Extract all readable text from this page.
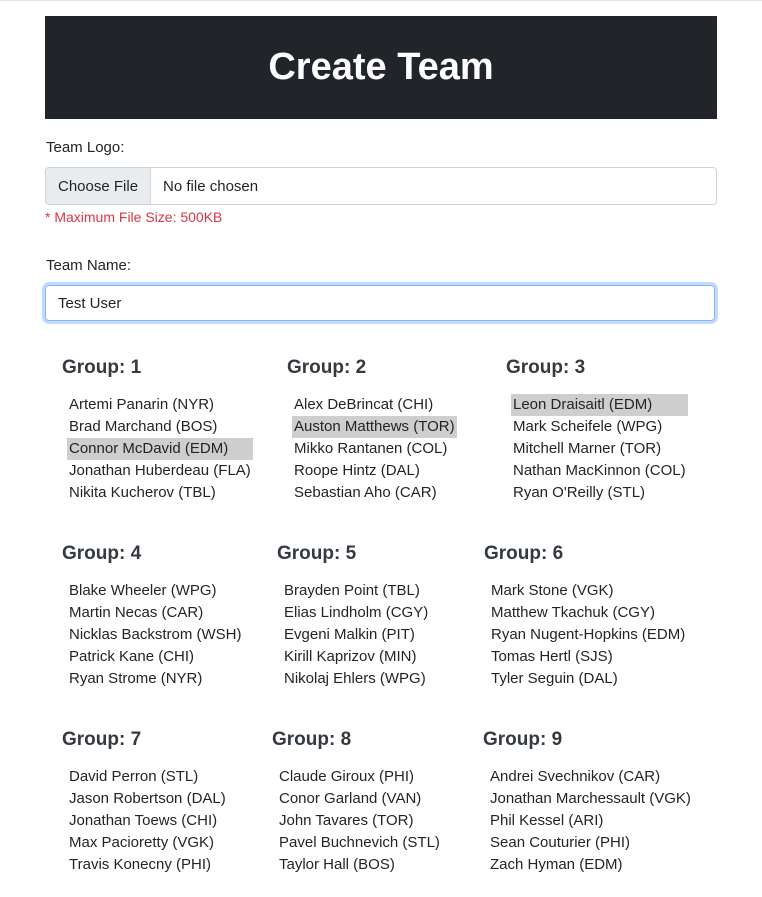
Create Team
Team Logo:
Choose File	No file chosen
* Maximum File Size: 500KB
Team Name:
Test User
Group: 1
Artemi Panarin (NYR)
Brad Marchand (BOS)
Connor McDavid (EDM)
Jonathan Huberdeau (FLA)
Nikita Kucherov (TBL)
Group: 2
Alex DeBrincat (CHI)
Auston Matthews (TOR)
Mikko Rantanen (COL)
Roope Hintz (DAL)
Sebastian Aho (CAR)
Group: 3
Leon Draisaitl (EDM)
Mark Scheifele (WPG)
Mitchell Marner (TOR)
Nathan MacKinnon (COL)
Ryan O'Reilly (STL)
Group: 4
Blake Wheeler (WPG)
Martin Necas (CAR)
Nicklas Backstrom (WSH)
Patrick Kane (CHI)
Ryan Strome (NYR)
Group: 5
Brayden Point (TBL)
Elias Lindholm (CGY)
Evgeni Malkin (PIT)
Kirill Kaprizov (MIN)
Nikolaj Ehlers (WPG)
Group: 6
Mark Stone (VGK)
Matthew Tkachuk (CGY)
Ryan Nugent-Hopkins (EDM)
Tomas Hertl (SJS)
Tyler Seguin (DAL)
Group: 7
David Perron (STL)
Jason Robertson (DAL)
Jonathan Toews (CHI)
Max Pacioretty (VGK)
Travis Konecny (PHI)
Group: 8
Claude Giroux (PHI)
Conor Garland (VAN)
John Tavares (TOR)
Pavel Buchnevich (STL)
Taylor Hall (BOS)
Group: 9
Andrei Svechnikov (CAR)
Jonathan Marchessault (VGK)
Phil Kessel (ARI)
Sean Couturier (PHI)
Zach Hyman (EDM)
